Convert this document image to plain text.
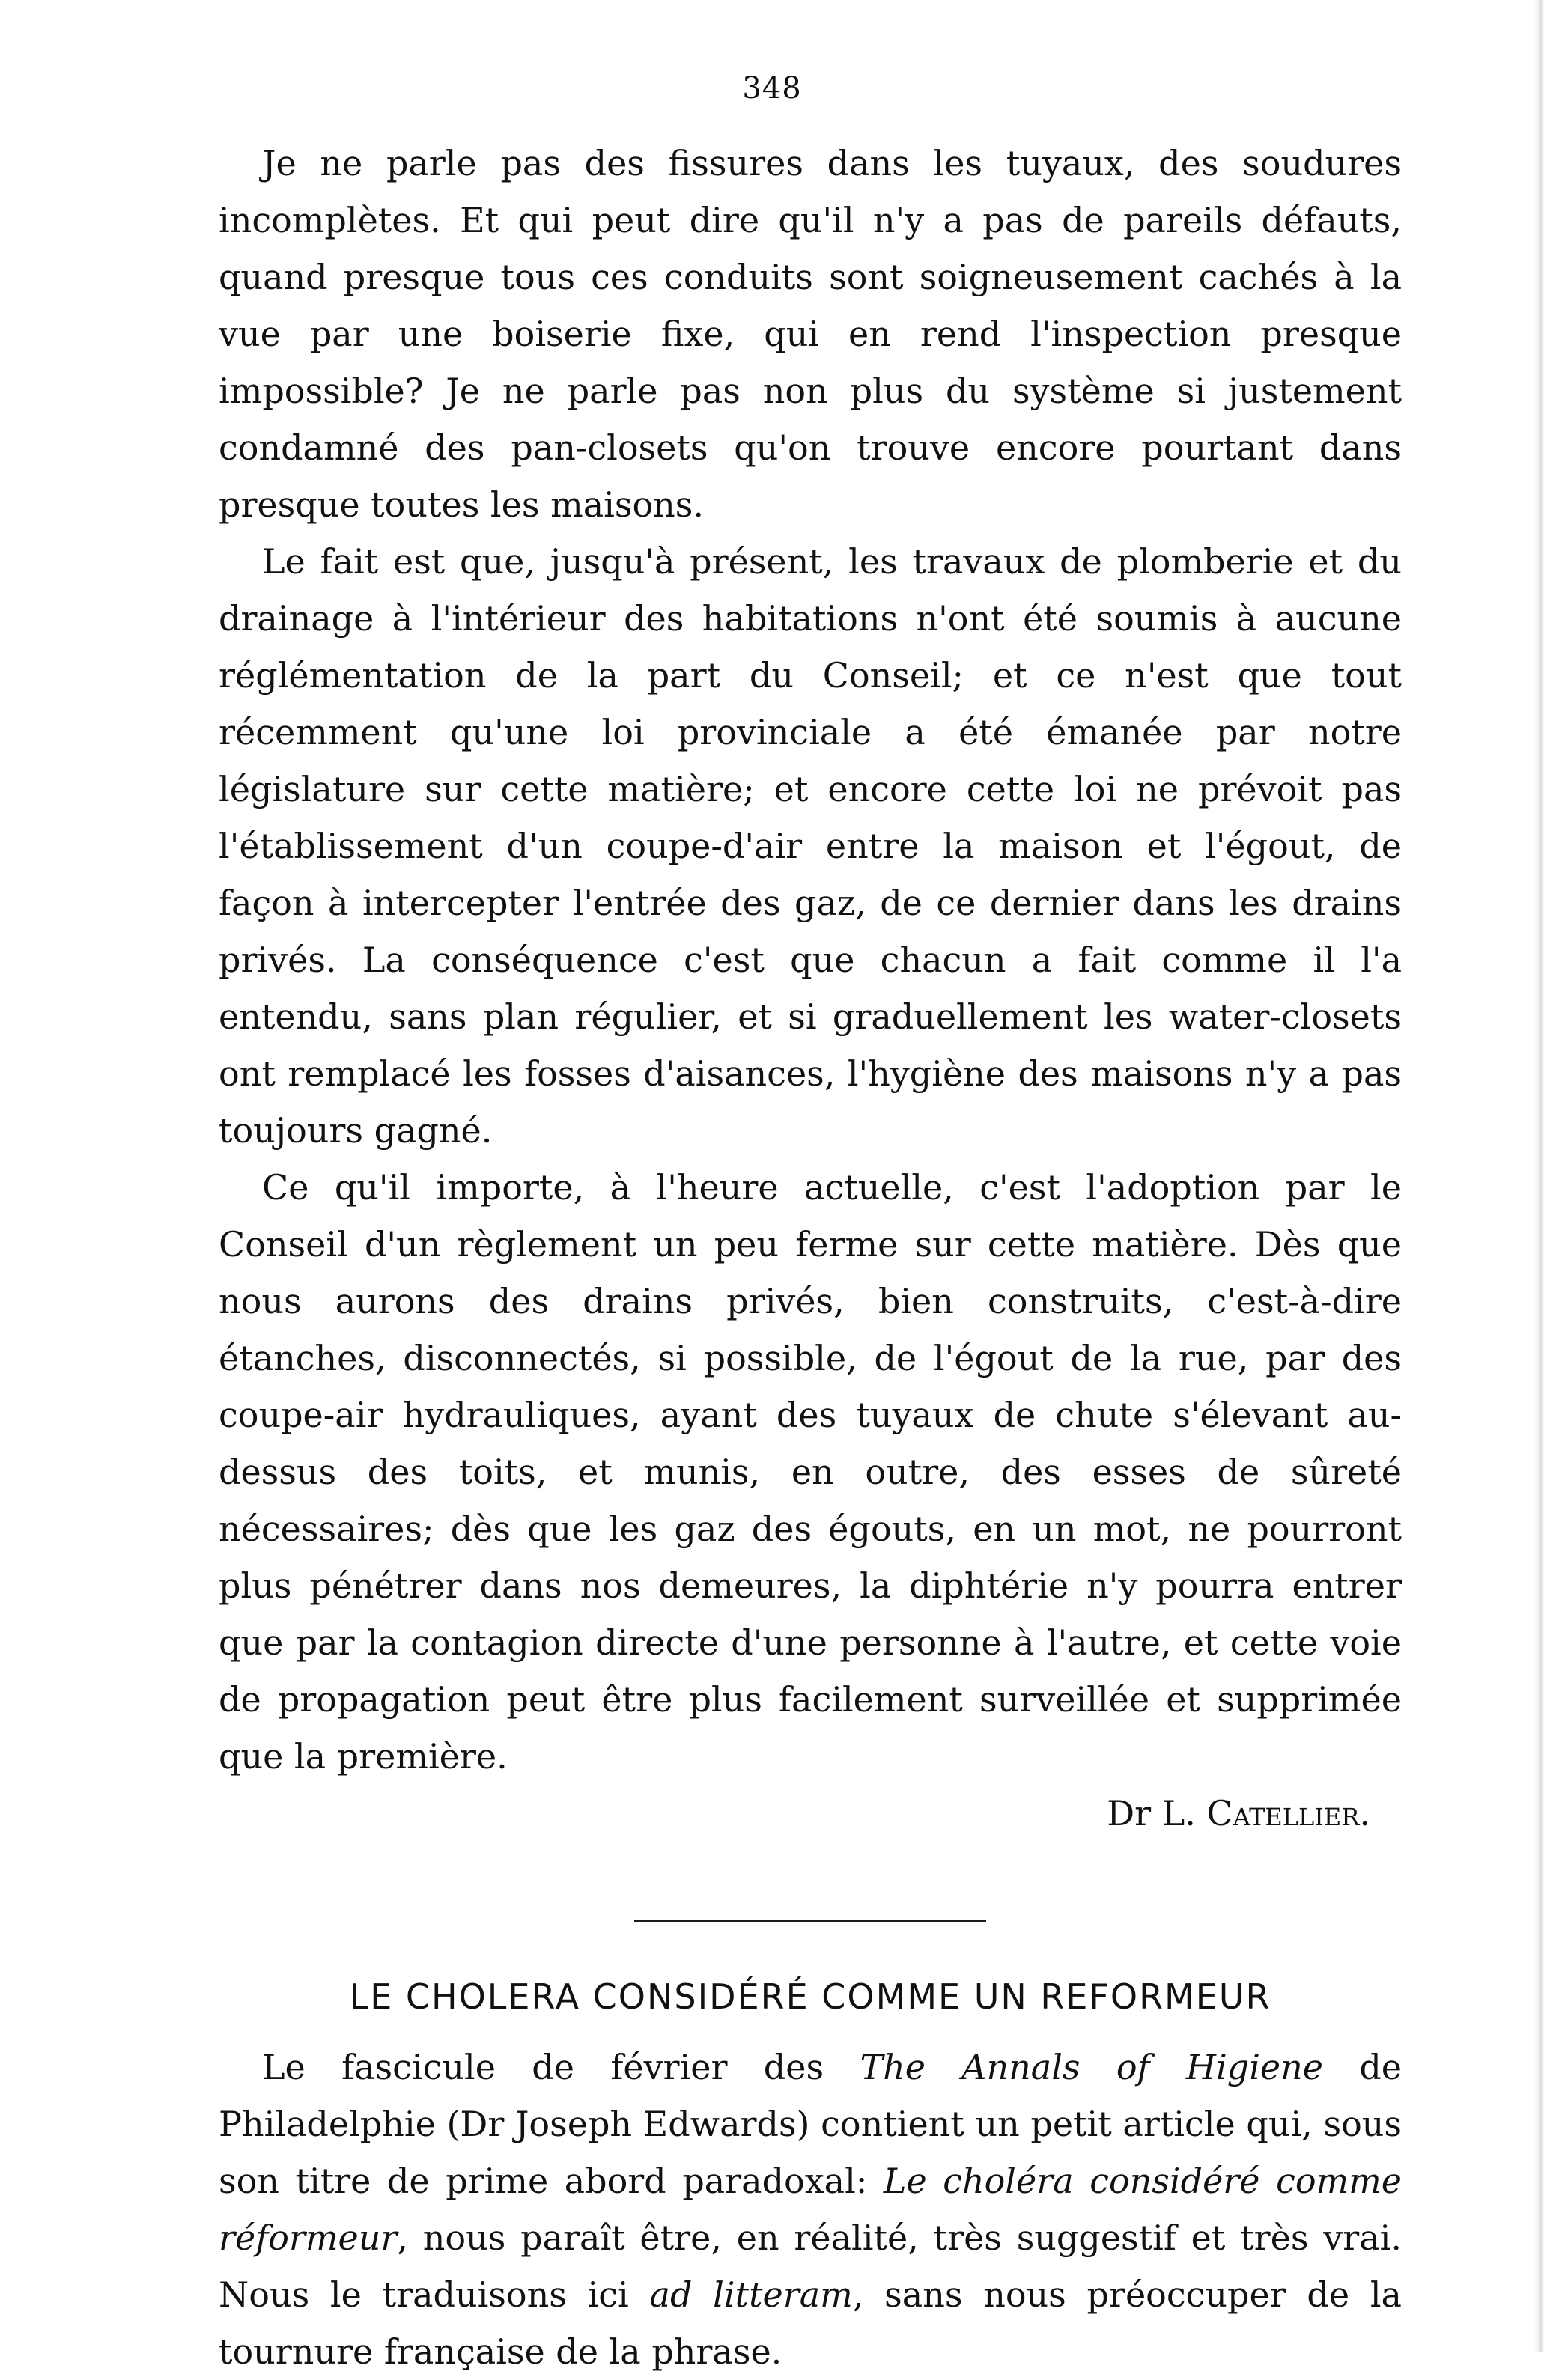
348

Je ne parle pas des fissures dans les tuyaux, des soudures incomplètes. Et qui peut dire qu'il n'y a pas de pareils défauts, quand presque tous ces conduits sont soigneusement cachés à la vue par une boiserie fixe, qui en rend l'inspection presque impossible? Je ne parle pas non plus du système si justement condamné des pan-closets qu'on trouve encore pourtant dans presque toutes les maisons.

Le fait est que, jusqu'à présent, les travaux de plomberie et du drainage à l'intérieur des habitations n'ont été soumis à aucune réglémentation de la part du Conseil; et ce n'est que tout récemment qu'une loi provinciale a été émanée par notre législature sur cette matière; et encore cette loi ne prévoit pas l'établissement d'un coupe-d'air entre la maison et l'égout, de façon à intercepter l'entrée des gaz, de ce dernier dans les drains privés. La conséquence c'est que chacun a fait comme il l'a entendu, sans plan régulier, et si graduellement les water-closets ont remplacé les fosses d'aisances, l'hygiène des maisons n'y a pas toujours gagné.

Ce qu'il importe, à l'heure actuelle, c'est l'adoption par le Conseil d'un règlement un peu ferme sur cette matière. Dès que nous aurons des drains privés, bien construits, c'est-à-dire étanches, disconnectés, si possible, de l'égout de la rue, par des coupe-air hydrauliques, ayant des tuyaux de chute s'élevant au-dessus des toits, et munis, en outre, des esses de sûreté nécessaires; dès que les gaz des égouts, en un mot, ne pourront plus pénétrer dans nos demeures, la diphtérie n'y pourra entrer que par la contagion directe d'une personne à l'autre, et cette voie de propagation peut être plus facilement surveillée et supprimée que la première.

Dr L. Catellier.

LE CHOLERA CONSIDÉRÉ COMME UN REFORMEUR

Le fascicule de février des The Annals of Higiene de Philadelphie (Dr Joseph Edwards) contient un petit article qui, sous son titre de prime abord paradoxal: Le choléra considéré comme réformeur, nous paraît être, en réalité, très suggestif et très vrai. Nous le traduisons ici ad litteram, sans nous préoccuper de la tournure française de la phrase.
